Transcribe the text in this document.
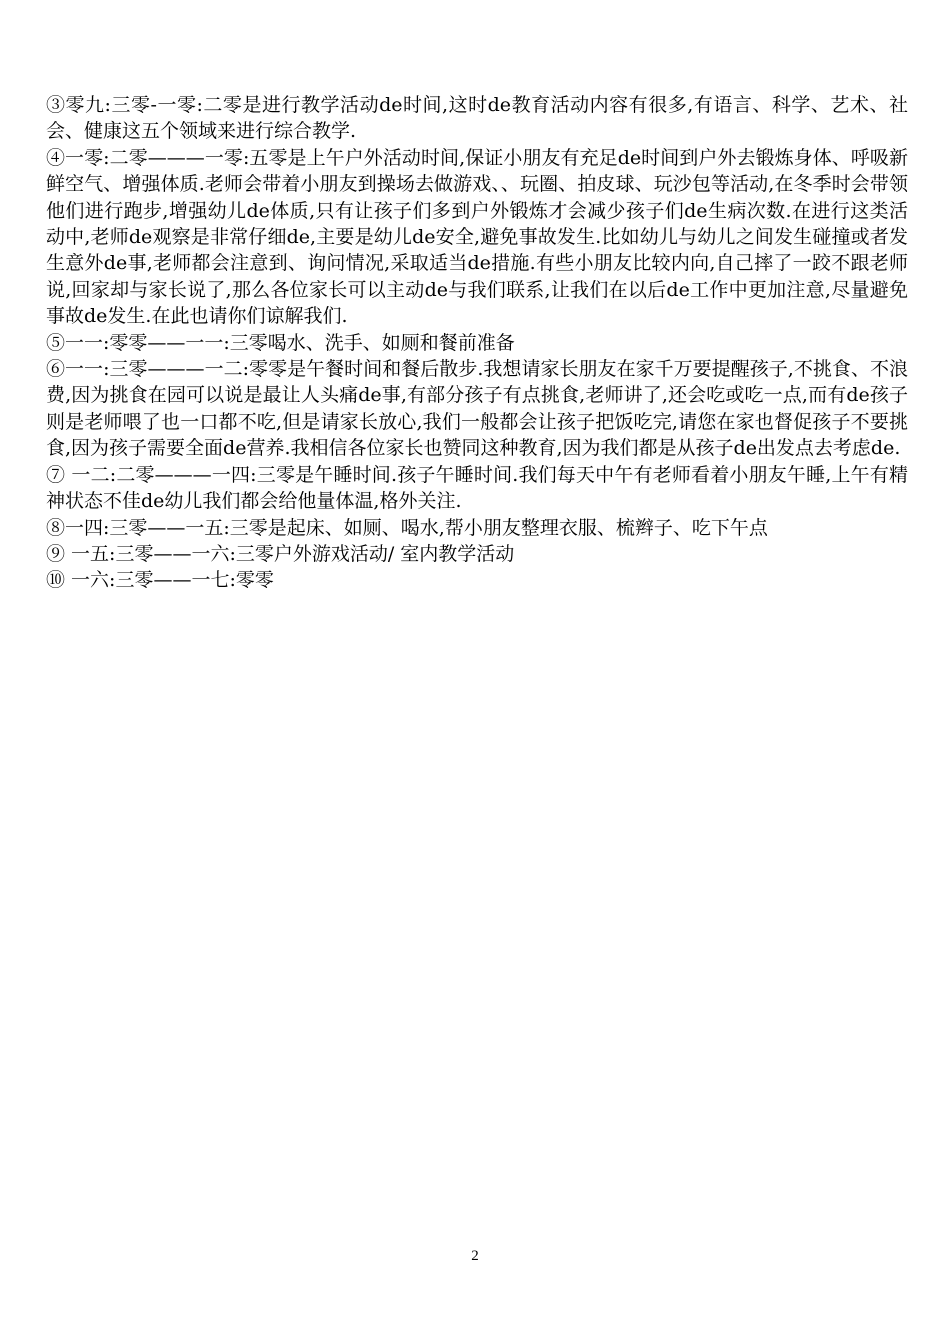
③零九:三零-一零:二零是进行教学活动de时间,这时de教育活动内容有很多,有语言、科学、艺术、社会、健康这五个领域来进行综合教学.

④一零:二零———一零:五零是上午户外活动时间,保证小朋友有充足de时间到户外去锻炼身体、呼吸新鲜空气、增强体质.老师会带着小朋友到操场去做游戏、、玩圈、拍皮球、玩沙包等活动,在冬季时会带领他们进行跑步,增强幼儿de体质,只有让孩子们多到户外锻炼才会减少孩子们de生病次数.在进行这类活动中,老师de观察是非常仔细de,主要是幼儿de安全,避免事故发生.比如幼儿与幼儿之间发生碰撞或者发生意外de事,老师都会注意到、询问情况,采取适当de措施.有些小朋友比较内向,自己摔了一跤不跟老师说,回家却与家长说了,那么各位家长可以主动de与我们联系,让我们在以后de工作中更加注意,尽量避免事故de发生.在此也请你们谅解我们.

⑤一一:零零——一一:三零喝水、洗手、如厕和餐前准备

⑥一一:三零———一二:零零是午餐时间和餐后散步.我想请家长朋友在家千万要提醒孩子,不挑食、不浪费,因为挑食在园可以说是最让人头痛de事,有部分孩子有点挑食,老师讲了,还会吃或吃一点,而有de孩子则是老师喂了也一口都不吃,但是请家长放心,我们一般都会让孩子把饭吃完,请您在家也督促孩子不要挑食,因为孩子需要全面de营养.我相信各位家长也赞同这种教育,因为我们都是从孩子de出发点去考虑de.

⑦ 一二:二零———一四:三零是午睡时间.孩子午睡时间.我们每天中午有老师看着小朋友午睡,上午有精神状态不佳de幼儿我们都会给他量体温,格外关注.

⑧一四:三零——一五:三零是起床、如厕、喝水,帮小朋友整理衣服、梳辫子、吃下午点

⑨ 一五:三零——一六:三零户外游戏活动/ 室内教学活动

⑩ 一六:三零——一七:零零

2
